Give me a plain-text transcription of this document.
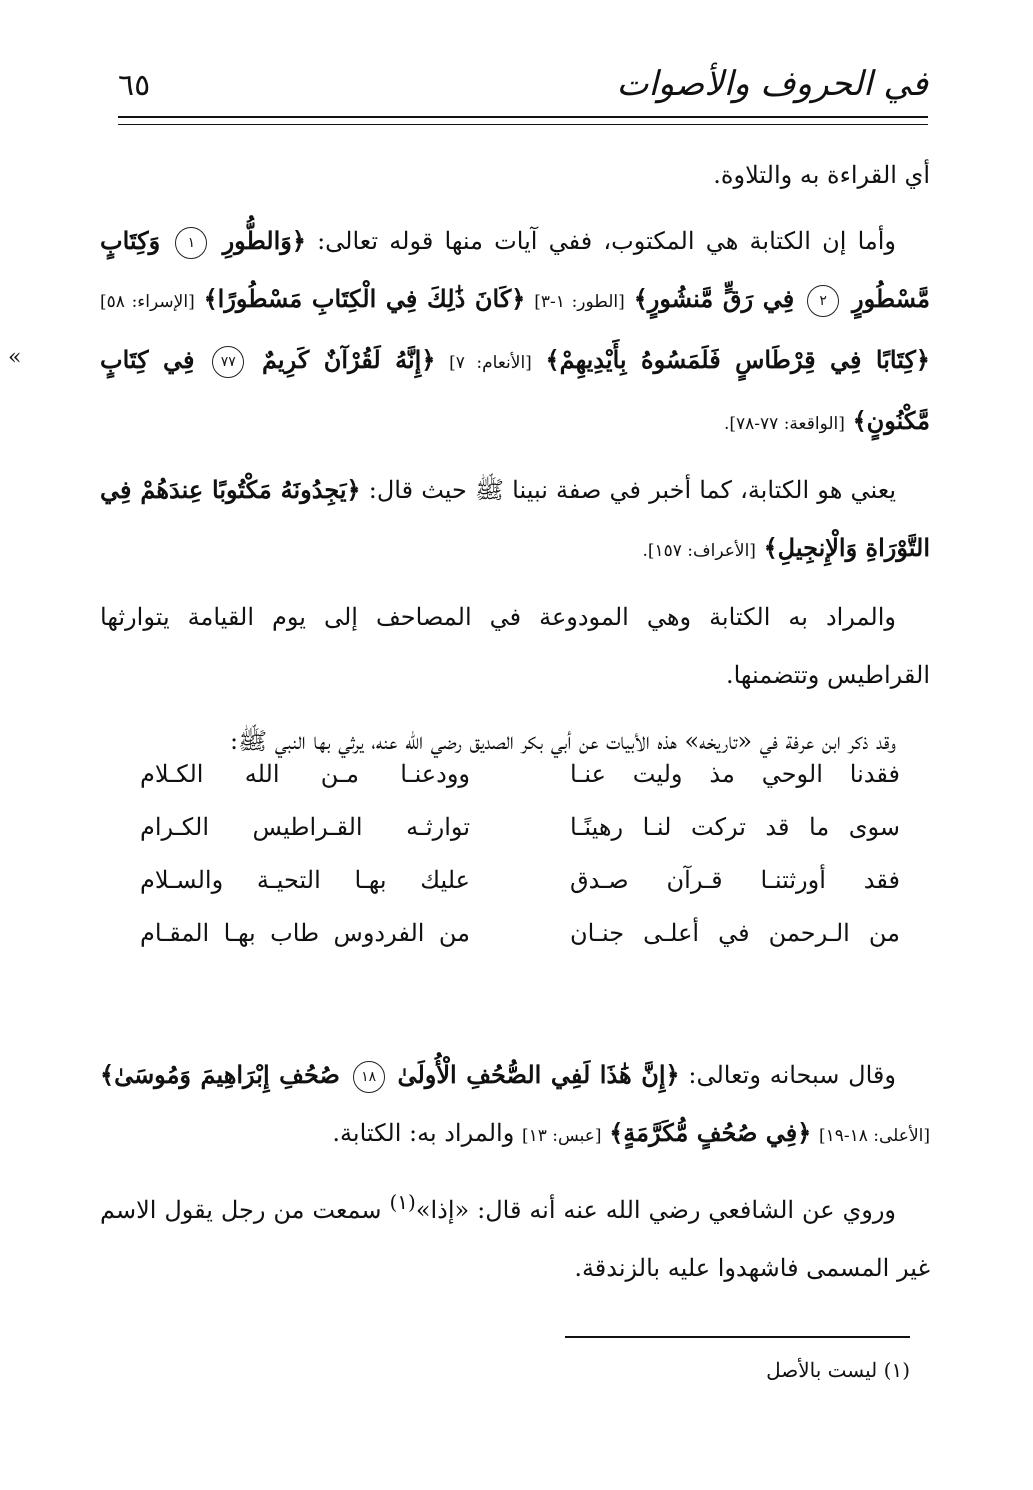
٦٥	في الحروف والأصوات
«

أي القراءة به والتلاوة.

وأما إن الكتابة هي المكتوب، ففي آيات منها قوله تعالى: ﴿وَالطُّورِ ١ وَكِتَابٍ مَّسْطُورٍ ٢ فِي رَقٍّ مَّنشُورٍ﴾ [الطور: ١-٣] ﴿كَانَ ذَٰلِكَ فِي الْكِتَابِ مَسْطُورًا﴾ [الإسراء: ٥٨] ﴿كِتَابًا فِي قِرْطَاسٍ فَلَمَسُوهُ بِأَيْدِيهِمْ﴾ [الأنعام: ٧] ﴿إِنَّهُ لَقُرْآنٌ كَرِيمٌ ٧٧ فِي كِتَابٍ مَّكْنُونٍ﴾ [الواقعة: ٧٧-٧٨].

يعني هو الكتابة، كما أخبر في صفة نبينا ﷺ حيث قال: ﴿يَجِدُونَهُ مَكْتُوبًا عِندَهُمْ فِي التَّوْرَاةِ وَالْإِنجِيلِ﴾ [الأعراف: ١٥٧].

والمراد به الكتابة وهي المودوعة في المصاحف إلى يوم القيامة يتوارثها القراطيس وتتضمنها.

وقد ذكر ابن عرفة في «تاريخه» هذه الأبيات عن أبي بكر الصديق رضي الله عنه، يرثي بها النبي ﷺ:

فقدنا الوحي مذ وليت عنـا
وودعنـا مـن الله الكـلام
سوى ما قد تركت لنـا رهينًـا
توارثـه القـراطيس الكـرام
فقد أورثتنـا قـرآن صـدق
عليك بهـا التحيـة والسـلام
من الـرحمن في أعلـى جنـان
من الفردوس طاب بهـا المقـام

وقال سبحانه وتعالى: ﴿إِنَّ هَٰذَا لَفِي الصُّحُفِ الْأُولَىٰ ١٨ صُحُفِ إِبْرَاهِيمَ وَمُوسَىٰ﴾ [الأعلى: ١٨-١٩] ﴿فِي صُحُفٍ مُّكَرَّمَةٍ﴾ [عبس: ١٣] والمراد به: الكتابة.

وروي عن الشافعي رضي الله عنه أنه قال: «إذا»$^{(١)}$ سمعت من رجل يقول الاسم غير المسمى فاشهدوا عليه بالزندقة.

(١) ليست بالأصل
